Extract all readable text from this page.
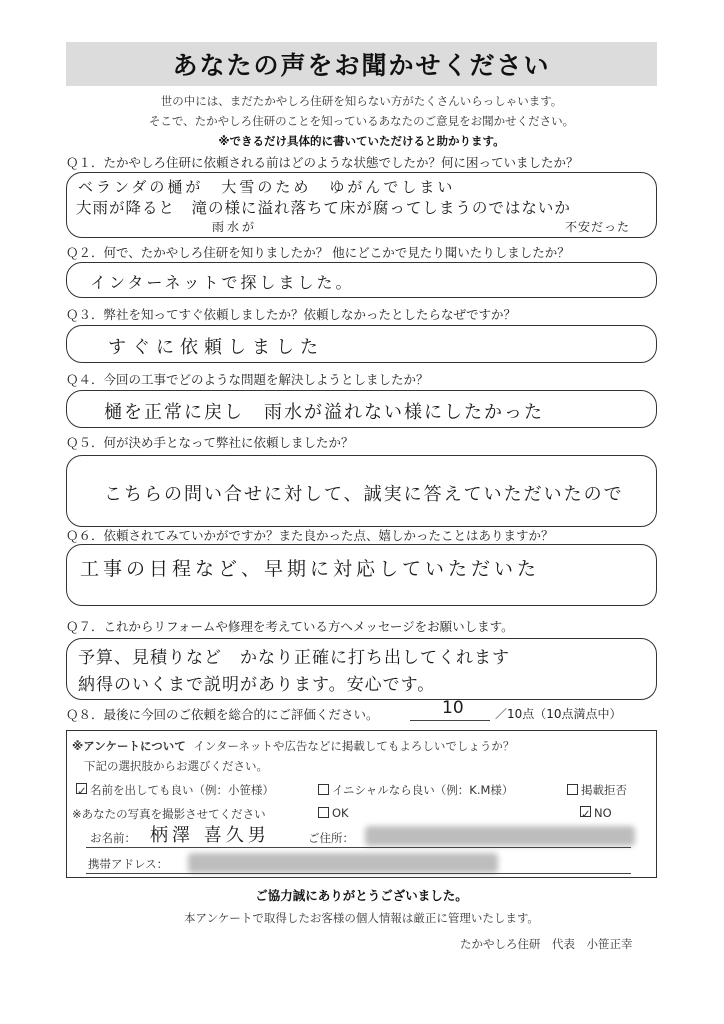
あなたの声をお聞かせください
世の中には、まだたかやしろ住研を知らない方がたくさんいらっしゃいます。
そこで、たかやしろ住研のことを知っているあなたのご意見をお聞かせください。
※できるだけ具体的に書いていただけると助かります。
Ｑ１．たかやしろ住研に依頼される前はどのような状態でしたか？何に困っていましたか？
ベランダの樋が　大雪のため　ゆがんでしまい
大雨が降ると　滝の様に溢れ落ちて床が腐ってしまうのではないか
雨水が	不安だった
Ｑ２．何で、たかやしろ住研を知りましたか？ 他にどこかで見たり聞いたりしましたか？
インターネットで探しました。
Ｑ３．弊社を知ってすぐ依頼しましたか？依頼しなかったとしたらなぜですか？
すぐに依頼しました
Ｑ４．今回の工事でどのような問題を解決しようとしましたか？
樋を正常に戻し　雨水が溢れない様にしたかった
Ｑ５．何が決め手となって弊社に依頼しましたか？
こちらの問い合せに対して、誠実に答えていただいたので
Ｑ６．依頼されてみていかがですか？また良かった点、嬉しかったことはありますか？
工事の日程など、早期に対応していただいた
Ｑ７．これからリフォームや修理を考えている方へメッセージをお願いします。
予算、見積りなど　かなり正確に打ち出してくれます
納得のいくまで説明があります。安心です。
Ｑ８．最後に今回のご依頼を総合的にご評価ください。	10	／10点（10点満点中）
※アンケートについて インターネットや広告などに掲載してもよろしいでしょうか？
下記の選択肢からお選びください。
✓ 名前を出しても良い（例：小笹様）	イニシャルなら良い（例：K.M様）	掲載拒否
※あなたの写真を撮影させてください	OK	✓ NO
お名前： 柄澤 喜久男	ご住所：
携帯アドレス：
ご協力誠にありがとうございました。
本アンケートで取得したお客様の個人情報は厳正に管理いたします。
たかやしろ住研　代表　小笹正幸
